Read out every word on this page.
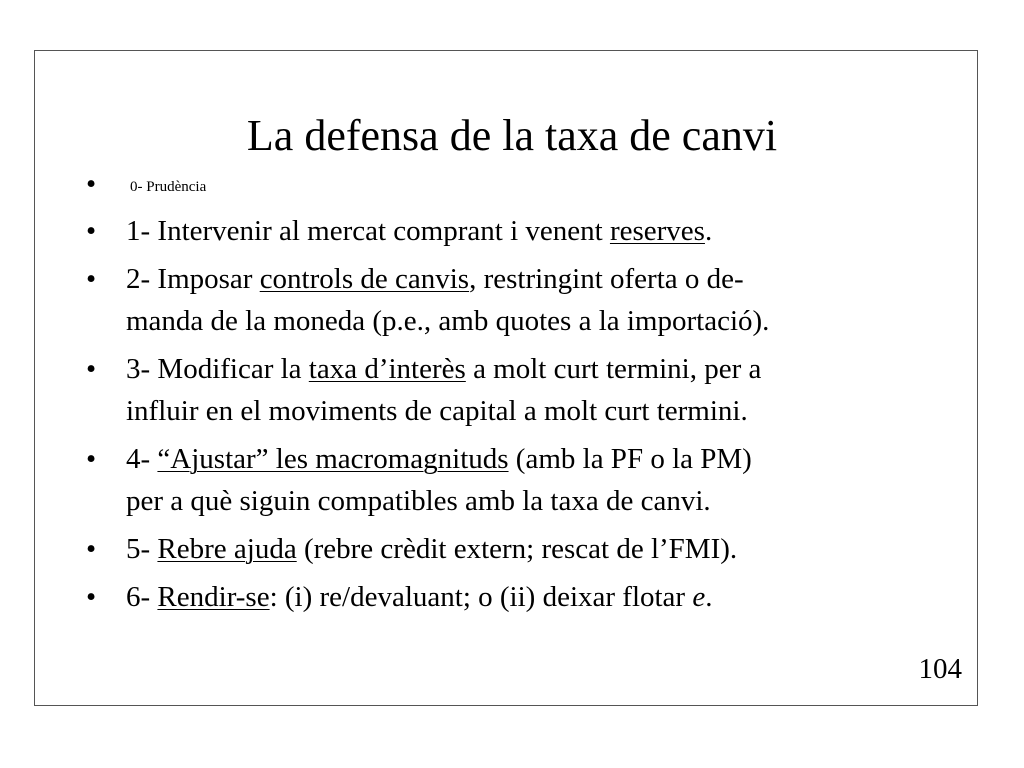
La defensa de la taxa de canvi
• 0- Prudència
• 1- Intervenir al mercat comprant i venent reserves.
• 2- Imposar controls de canvis, restringint oferta o de-
manda de la moneda (p.e., amb quotes a la importació).
• 3- Modificar la taxa d’interès a molt curt termini, per a
influir en el moviments de capital a molt curt termini.
• 4- “Ajustar” les macromagnituds (amb la PF o la PM)
per a què siguin compatibles amb la taxa de canvi.
• 5- Rebre ajuda (rebre crèdit extern; rescat de l’FMI).
• 6- Rendir-se: (i) re/devaluant; o (ii) deixar flotar e.
104
